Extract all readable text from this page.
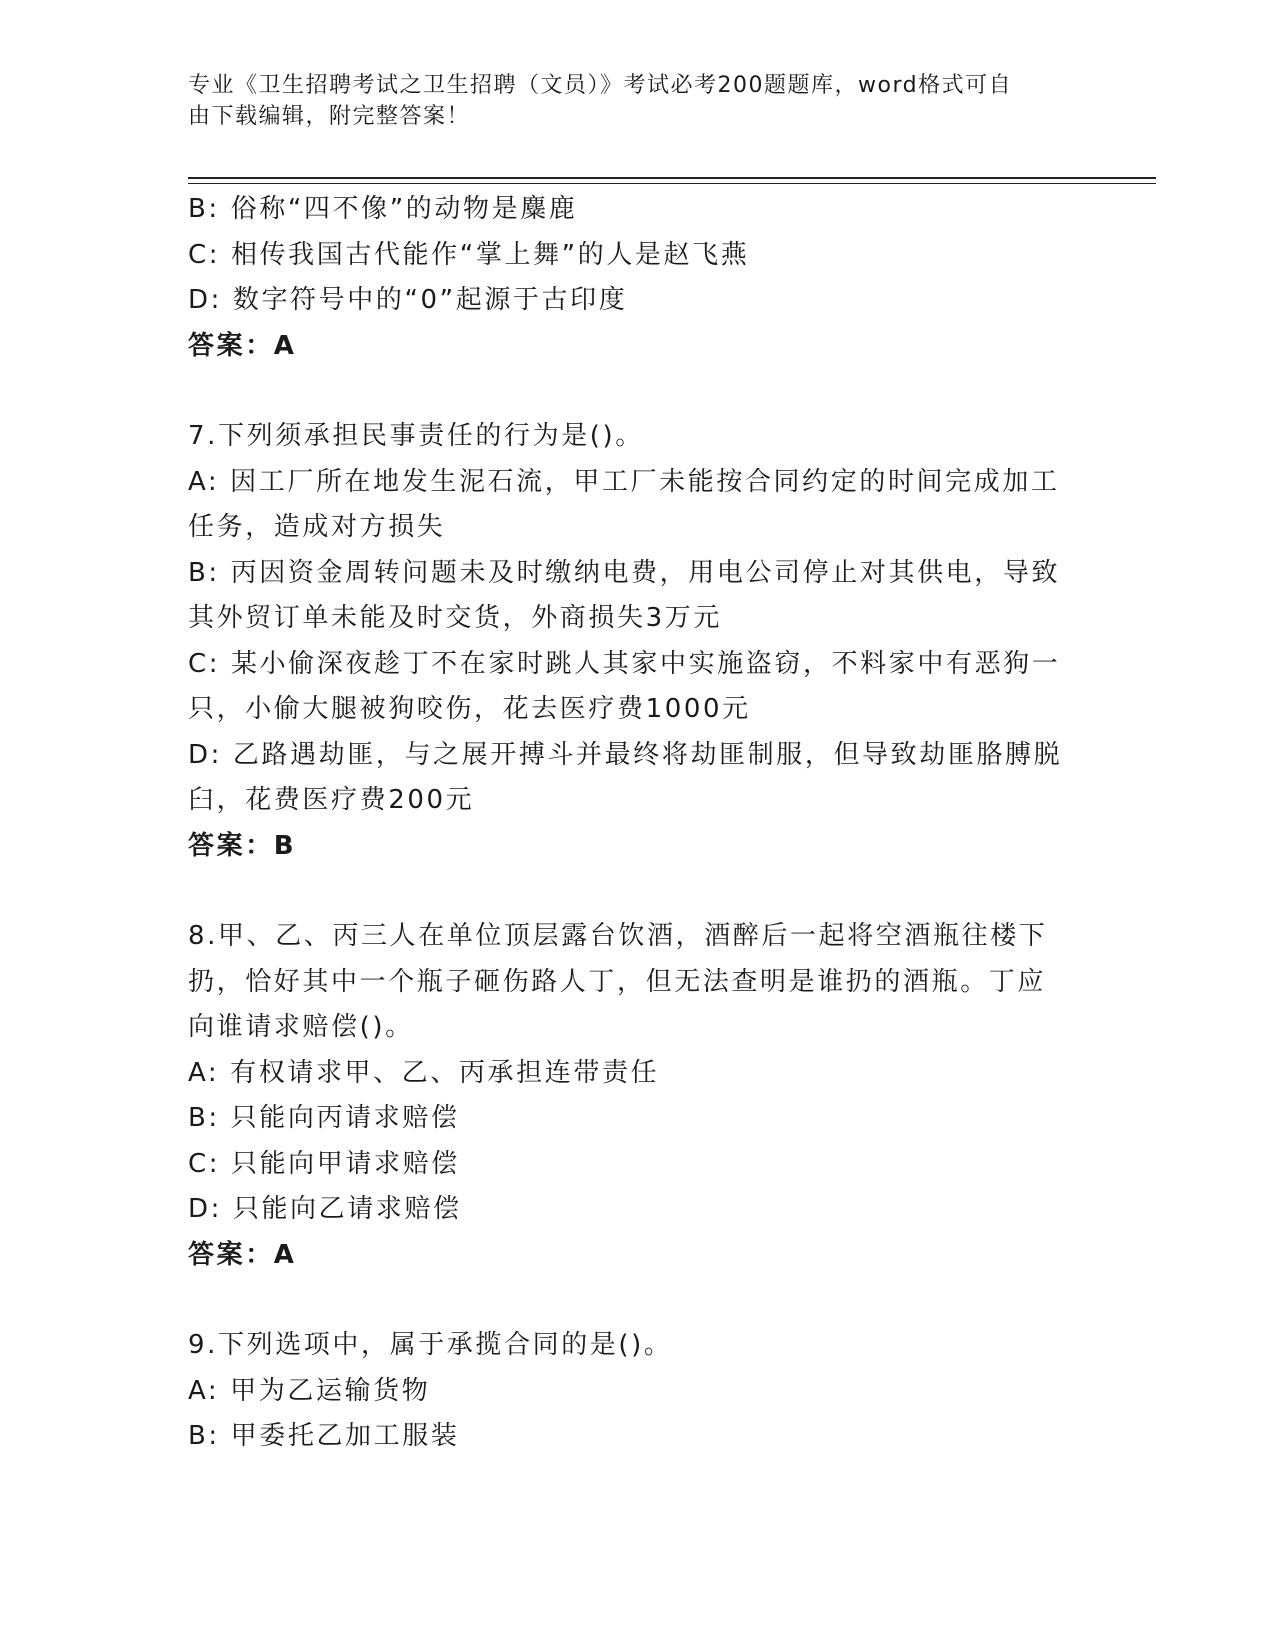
专业《卫生招聘考试之卫生招聘（文员）》考试必考200题题库，word格式可自
由下载编辑，附完整答案！
B: 俗称“四不像”的动物是麋鹿
C: 相传我国古代能作“掌上舞”的人是赵飞燕
D: 数字符号中的“0”起源于古印度
答案：A
7.下列须承担民事责任的行为是()。
A: 因工厂所在地发生泥石流，甲工厂未能按合同约定的时间完成加工
任务，造成对方损失
B: 丙因资金周转问题未及时缴纳电费，用电公司停止对其供电，导致
其外贸订单未能及时交货，外商损失3万元
C: 某小偷深夜趁丁不在家时跳人其家中实施盗窃，不料家中有恶狗一
只，小偷大腿被狗咬伤，花去医疗费1000元
D: 乙路遇劫匪，与之展开搏斗并最终将劫匪制服，但导致劫匪胳膊脱
臼，花费医疗费200元
答案：B
8.甲、乙、丙三人在单位顶层露台饮酒，酒醉后一起将空酒瓶往楼下
扔，恰好其中一个瓶子砸伤路人丁，但无法查明是谁扔的酒瓶。丁应
向谁请求赔偿()。
A: 有权请求甲、乙、丙承担连带责任
B: 只能向丙请求赔偿
C: 只能向甲请求赔偿
D: 只能向乙请求赔偿
答案：A
9.下列选项中，属于承揽合同的是()。
A: 甲为乙运输货物
B: 甲委托乙加工服装
